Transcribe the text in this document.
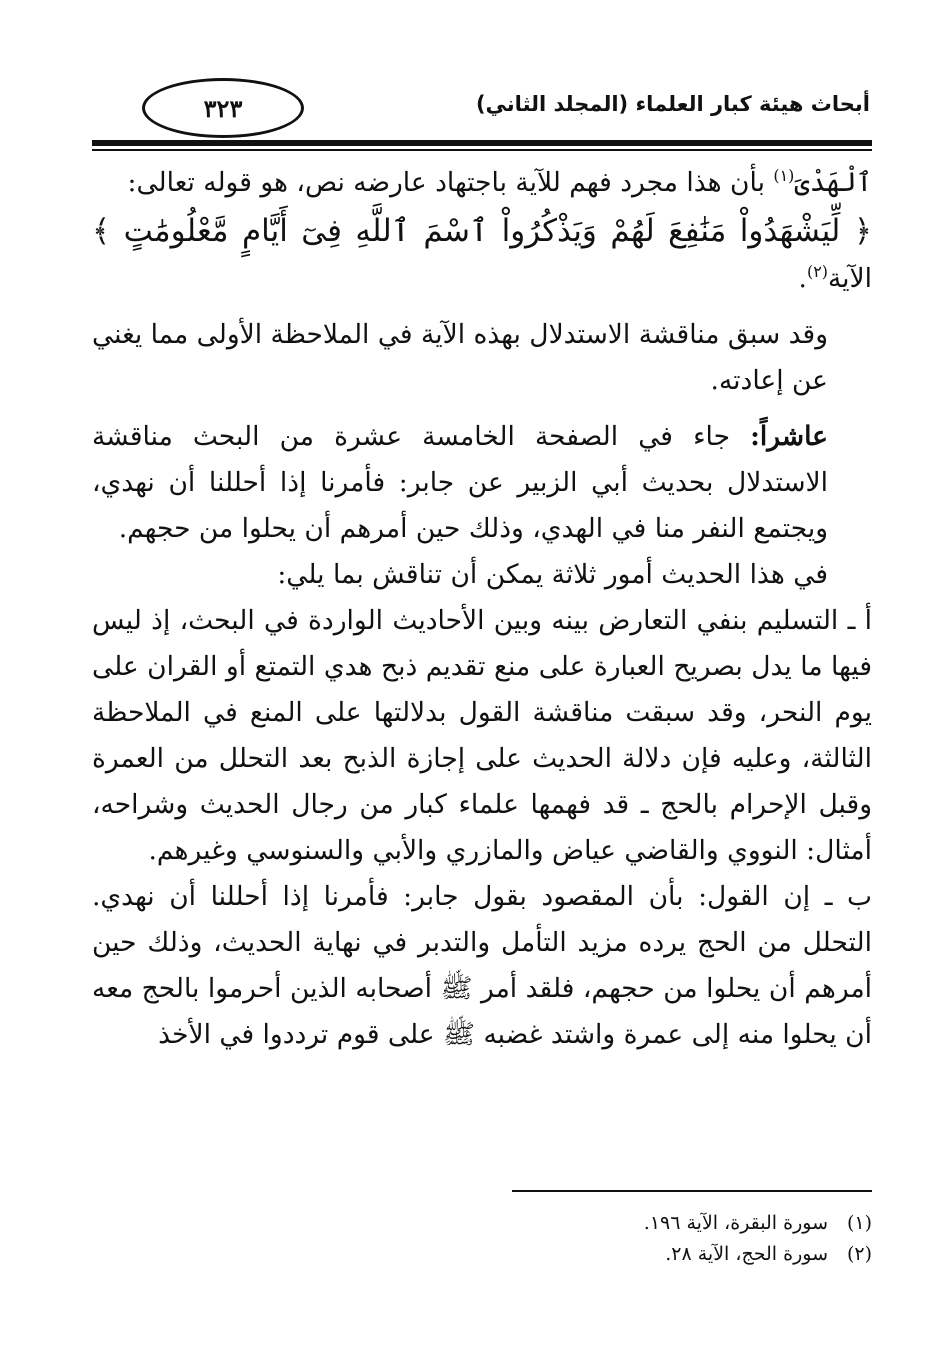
٣٢٣	أبحاث هيئة كبار العلماء (المجلد الثاني)

ٱلْهَدْىَ$^{(١)}$ بأن هذا مجرد فهم للآية باجتهاد عارضه نص، هو قوله تعالى:

﴿ لِّيَشْهَدُواْ مَنَٰفِعَ لَهُمْ وَيَذْكُرُواْ ٱسْمَ ٱللَّهِ فِىٓ أَيَّامٍ مَّعْلُومَٰتٍ ﴾

الآية$^{(٢)}$.

وقد سبق مناقشة الاستدلال بهذه الآية في الملاحظة الأولى مما يغني عن إعادته.

عاشراً: جاء في الصفحة الخامسة عشرة من البحث مناقشة الاستدلال بحديث أبي الزبير عن جابر: فأمرنا إذا أحللنا أن نهدي، ويجتمع النفر منا في الهدي، وذلك حين أمرهم أن يحلوا من حجهم.

في هذا الحديث أمور ثلاثة يمكن أن تناقش بما يلي:

أ ـ التسليم بنفي التعارض بينه وبين الأحاديث الواردة في البحث، إذ ليس فيها ما يدل بصريح العبارة على منع تقديم ذبح هدي التمتع أو القران على يوم النحر، وقد سبقت مناقشة القول بدلالتها على المنع في الملاحظة الثالثة، وعليه فإن دلالة الحديث على إجازة الذبح بعد التحلل من العمرة وقبل الإحرام بالحج ـ قد فهمها علماء كبار من رجال الحديث وشراحه، أمثال: النووي والقاضي عياض والمازري والأبي والسنوسي وغيرهم.

ب ـ إن القول: بأن المقصود بقول جابر: فأمرنا إذا أحللنا أن نهدي. التحلل من الحج يرده مزيد التأمل والتدبر في نهاية الحديث، وذلك حين أمرهم أن يحلوا من حجهم، فلقد أمر ﷺ أصحابه الذين أحرموا بالحج معه أن يحلوا منه إلى عمرة واشتد غضبه ﷺ على قوم ترددوا في الأخذ

(١)سورة البقرة، الآية ١٩٦.
(٢)سورة الحج، الآية ٢٨.
